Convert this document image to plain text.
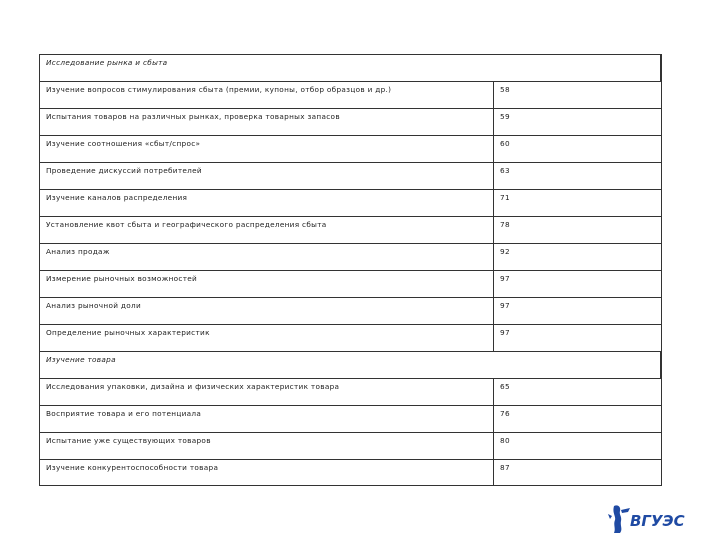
Исследование рынка и сбыта
Изучение вопросов стимулирования сбыта (премии, купоны, отбор образцов и др.)	58
Испытания товаров на различных рынках, проверка товарных запасов	59
Изучение соотношения «сбыт/спрос»	60
Проведение дискуссий потребителей	63
Изучение каналов распределения	71
Установление квот сбыта и географического распределения сбыта	78
Анализ продаж	92
Измерение рыночных возможностей	97
Анализ рыночной доли	97
Определение рыночных характеристик	97
Изучение товара
Исследования упаковки, дизайна и физических характеристик товара	65
Восприятие товара и его потенциала	76
Испытание уже существующих товаров	80
Изучение конкурентоспособности товара	87
ВГУЭС
